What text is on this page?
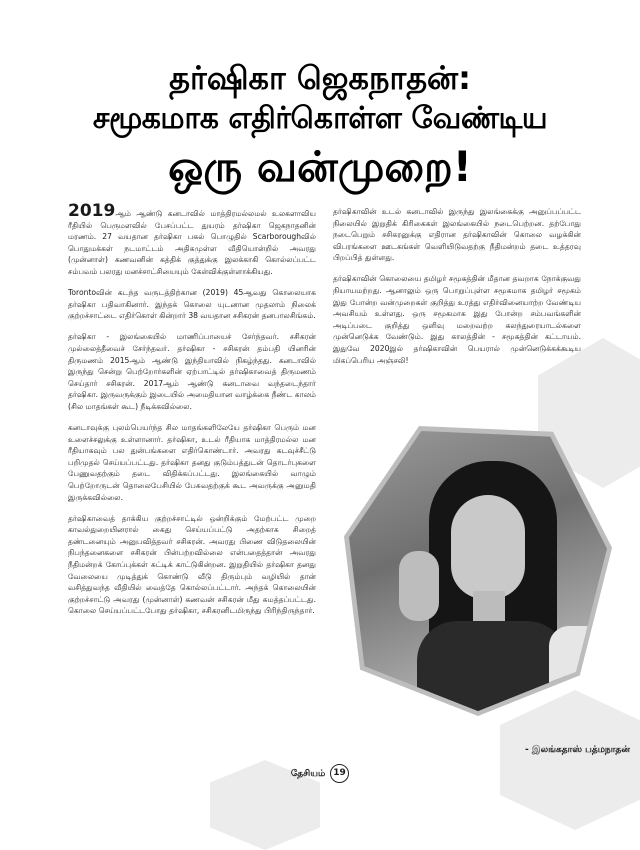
தர்ஷிகா ஜெகநாதன்:
சமூகமாக எதிர்கொள்ள வேண்டிய
ஒரு வன்முறை!

2019ஆம் ஆண்டு கனடாவில் மாத்திரமல்லமல் உலகளாவிய ரீதியில் பெருமளவில் பேசப்பட்ட துயரம் தர்ஷிகா ஜெகநாதனின் மரணம். 27 வயதான தர்ஷிகா பகல் பொழுதில் Scarboroughவில் பொதுமக்கள் நடமாட்டம் அதிகமுள்ள வீதியொன்றில் அவரது (முன்னாள்) கணவனின் கத்திக் குத்துக்கு இலக்காகி கொல்லப்பட்ட சம்பவம் பலரது மனச்சாட்சியையும் கேள்விக்குள்ளாக்கியது.

Torontoவின் கடந்த வருடத்திற்கான (2019) 45ஆவது கொலையாக தர்ஷிகா பதிவாகினார். இந்தக் கொலை யுடனான முதலாம் நிலைக் குற்றச்சாட்டை எதிர்கொள் கின்றார் 38 வயதான சசிகரன் தனபாலசிங்கம்.

தர்ஷிகா - இலங்கையில் மாணிப்பாயைச் சேர்ந்தவர். சசிகரன் முல்லைத்தீவைச் சேர்ந்தவர். தர்ஷிகா - சசிகரன் தம்பதி யினரின் திருமணம் 2015ஆம் ஆண்டு இந்தியாவில் நிகழ்ந்தது. கனடாவில் இருந்து சென்று பெற்றோர்களின் ஏற்பாட்டில் தர்ஷிகாவைத் திருமணம் செய்தார் சசிகரன். 2017ஆம் ஆண்டு கனடாவை வந்தடைந்தார் தர்ஷிகா. இருவருக்கும் இடையில் அமைதியான வாழ்க்கை நீண்ட காலம் (சில மாதங்கள் கூட) நீடிக்கவில்லை.

கனடாவுக்கு புலம்பெயர்ந்த சில மாதங்களிலேயே தர்ஷிகா பெரும் மன உளைச்சலுக்கு உள்ளானார். தர்ஷிகா, உடல் ரீதியாக மாத்திரமல்ல மன ரீதியாகவும் பல துன்பங்களை எதிர்கொண்டார். அவரது கடவுச்சீட்டு பறிமுதல் செய்யப்பட்டது. தர்ஷிகா தனது குடும்பத்துடன் தொடர்புகளை பேணுவதற்கும் தடை விதிக்கப்பட்டது. இலங்கையில் வாழும் பெற்றோருடன் தொலைபேசியில் பேசுவதற்குக் கூட அவருக்கு அனுமதி இருக்கவில்லை.

தர்ஷிகாவைத் தாக்கிய குற்றச்சாட்டில் ஒன்றிக்கும் மேற்பட்ட முறை காவல்துறையினரால் கைது செய்யப்பட்டு அதற்காக சிறைத் தண்டனையும் அனுபவித்தவர் சசிகரன். அவரது பிணை விடுதலையின் நிபந்தனைகளை சசிகரன் பின்பற்றவில்லை என்பதைத்தான் அவரது நீதிமன்றக் கோப்புக்கள் சுட்டிக் காட்டுகின்றன. இறுதியில் தர்ஷிகா தனது வேலையை முடித்துக் கொண்டு வீடு திரும்பும் வழியில் தான் வசித்துவந்த வீதியில் வைத்தே கொல்லப்பட்டார். அந்தக் கொலையின் குற்றச்சாட்டு அவரது (முன்னாள்) கணவன் சசிகரன் மீது சுமத்தப்பட்டது. கொலை செய்யப்பட்டபோது தர்ஷிகா, சசிகரனிடமிருந்து பிரிந்திருந்தார்.

தர்ஷிகாவின் உடல் கனடாவில் இருந்து இலங்கைக்கு அனுப்பப்பட்ட நிலையில் இறுதிக் கிரிகைகள் இலங்கையில் நடைபெற்றன. தற்போது நடைபெறும் சசிகரனுக்கு எதிரான தர்ஷிகாவின் கொலை வழக்கின் விபரங்களை ஊடகங்கள் வெளியிடுவதற்கு நீதிமன்றம் தடை உத்தரவு பிறப்பித் துள்ளது.

தர்ஷிகாவின் கொலையை தமிழர் சமூகத்தின் மீதான தவறாக நோக்குவது நியாயமற்றது. ஆனாலும் ஒரு பொறுப்புள்ள சமூகமாக தமிழர் சமூகம் இது போன்ற வன்முறைகள் குறித்து உரத்து எதிர்வினையாற்ற வேண்டிய அவசியம் உள்ளது. ஒரு சமூகமாக இது போன்ற சம்பவங்களின் அடிப்படை குறித்து ஒளிவு மறைவற்ற கலந்துரையாடல்களை முன்னெடுக்க வேண்டும். இது காலத்தின் - சமூகத்தின் கட்டாயம். இதுவே 2020இல் தர்ஷிகாவின் பெயரால் முன்னெடுக்கக்கூடிய மிகப்பெரிய அஞ்சலி!

- இலங்கதாஸ் பத்மநாதன்
தேசியம் 19
